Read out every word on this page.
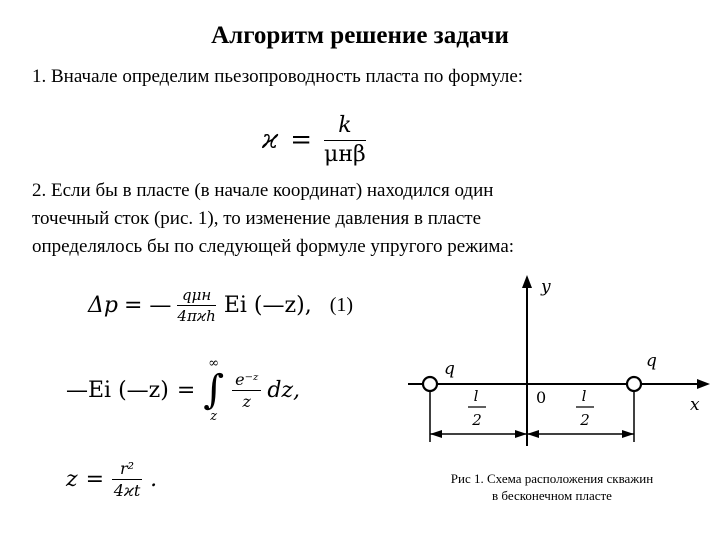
Алгоритм решение задачи
1. Вначале определим пьезопроводность пласта по формуле:
$ϰ = \frac{k}{\text{μнβ}}$
2. Если бы в пласте (в начале координат) находился один
точечный сток (рис. 1), то изменение давления в пласте
определялось бы по следующей формуле упругого режима:
Δp = — $\frac{\text{qμн}}{\text{4πϰh}}$ Ei (—z), (1)
—Ei (—z) =
∞
∫
z
$\frac{\text{e⁻ᶻ}}{z}$ dz,
$z = \frac{\text{r²}}{4ϰt}$ .
y
x
0
q	q
l
2
l
2
Рис 1. Схема расположения скважин
в бесконечном пласте
